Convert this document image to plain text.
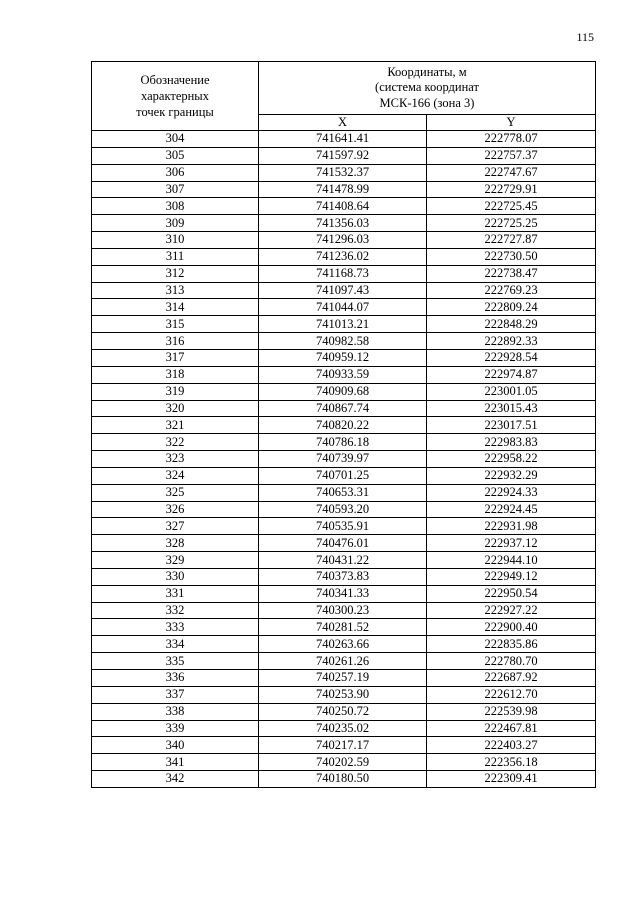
115
Обозначение
характерных
точек границы	Координаты, м
(система координат
МСК-166 (зона 3)	

	X	Y
304	741641.41	222778.07
305	741597.92	222757.37
306	741532.37	222747.67
307	741478.99	222729.91
308	741408.64	222725.45
309	741356.03	222725.25
310	741296.03	222727.87
311	741236.02	222730.50
312	741168.73	222738.47
313	741097.43	222769.23
314	741044.07	222809.24
315	741013.21	222848.29
316	740982.58	222892.33
317	740959.12	222928.54
318	740933.59	222974.87
319	740909.68	223001.05
320	740867.74	223015.43
321	740820.22	223017.51
322	740786.18	222983.83
323	740739.97	222958.22
324	740701.25	222932.29
325	740653.31	222924.33
326	740593.20	222924.45
327	740535.91	222931.98
328	740476.01	222937.12
329	740431.22	222944.10
330	740373.83	222949.12
331	740341.33	222950.54
332	740300.23	222927.22
333	740281.52	222900.40
334	740263.66	222835.86
335	740261.26	222780.70
336	740257.19	222687.92
337	740253.90	222612.70
338	740250.72	222539.98
339	740235.02	222467.81
340	740217.17	222403.27
341	740202.59	222356.18
342	740180.50	222309.41
